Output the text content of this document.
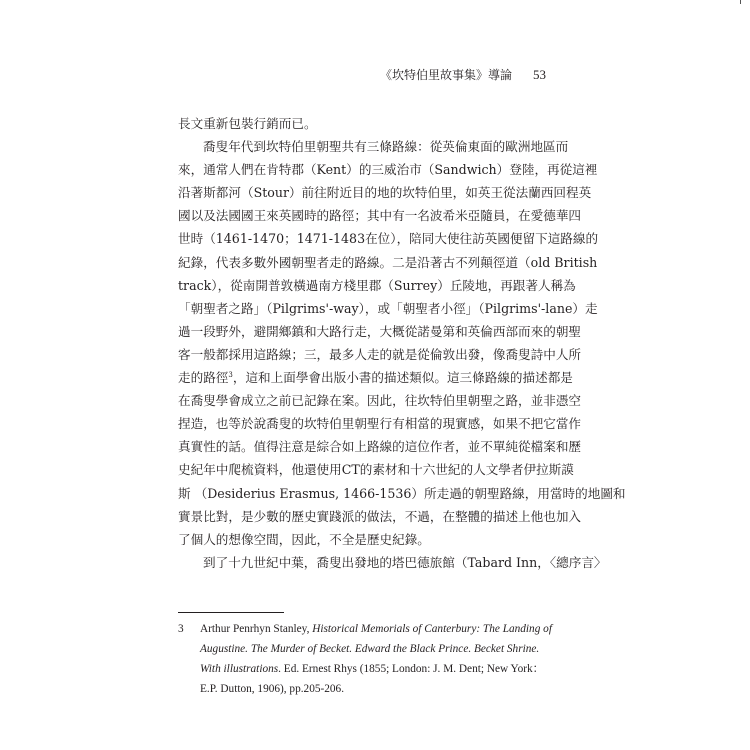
《坎特伯里故事集》導論 53
長文重新包裝行銷而已。
喬叟年代到坎特伯里朝聖共有三條路線：從英倫東面的歐洲地區而
來，通常人們在肯特郡（Kent）的三威治市（Sandwich）登陸，再從這裡
沿著斯都河（Stour）前往附近目的地的坎特伯里，如英王從法蘭西回程英
國以及法國國王來英國時的路徑；其中有一名波希米亞隨員，在愛德華四
世時（1461-1470；1471-1483在位），陪同大使往訪英國便留下這路線的
紀錄，代表多數外國朝聖者走的路線。二是沿著古不列顛徑道（old British
track），從南開普敦橫過南方棧里郡（Surrey）丘陵地，再跟著人稱為
「朝聖者之路」（Pilgrims'-way），或「朝聖者小徑」（Pilgrims'-lane）走
過一段野外，避開鄉鎮和大路行走，大概從諾曼第和英倫西部而來的朝聖
客一般都採用這路線；三，最多人走的就是從倫敦出發，像喬叟詩中人所
走的路徑$^3$，這和上面學會出版小書的描述類似。這三條路線的描述都是
在喬叟學會成立之前已記錄在案。因此，往坎特伯里朝聖之路，並非憑空
捏造，也等於說喬叟的坎特伯里朝聖行有相當的現實感，如果不把它當作
真實性的話。值得注意是綜合如上路線的這位作者，並不單純從檔案和歷
史紀年中爬梳資料，他還使用CT的素材和十六世紀的人文學者伊拉斯謨
斯 （Desiderius Erasmus, 1466-1536）所走過的朝聖路線，用當時的地圖和
實景比對，是少數的歷史實踐派的做法，不過，在整體的描述上他也加入
了個人的想像空間，因此，不全是歷史紀錄。
到了十九世紀中葉，喬叟出發地的塔巴德旅館（Tabard Inn，〈總序言〉
3 Arthur Penrhyn Stanley, Historical Memorials of Canterbury: The Landing of Augustine. The Murder of Becket. Edward the Black Prince. Becket Shrine. With illustrations. Ed. Ernest Rhys (1855; London: J. M. Dent; New York：E.P. Dutton, 1906), pp.205-206.
